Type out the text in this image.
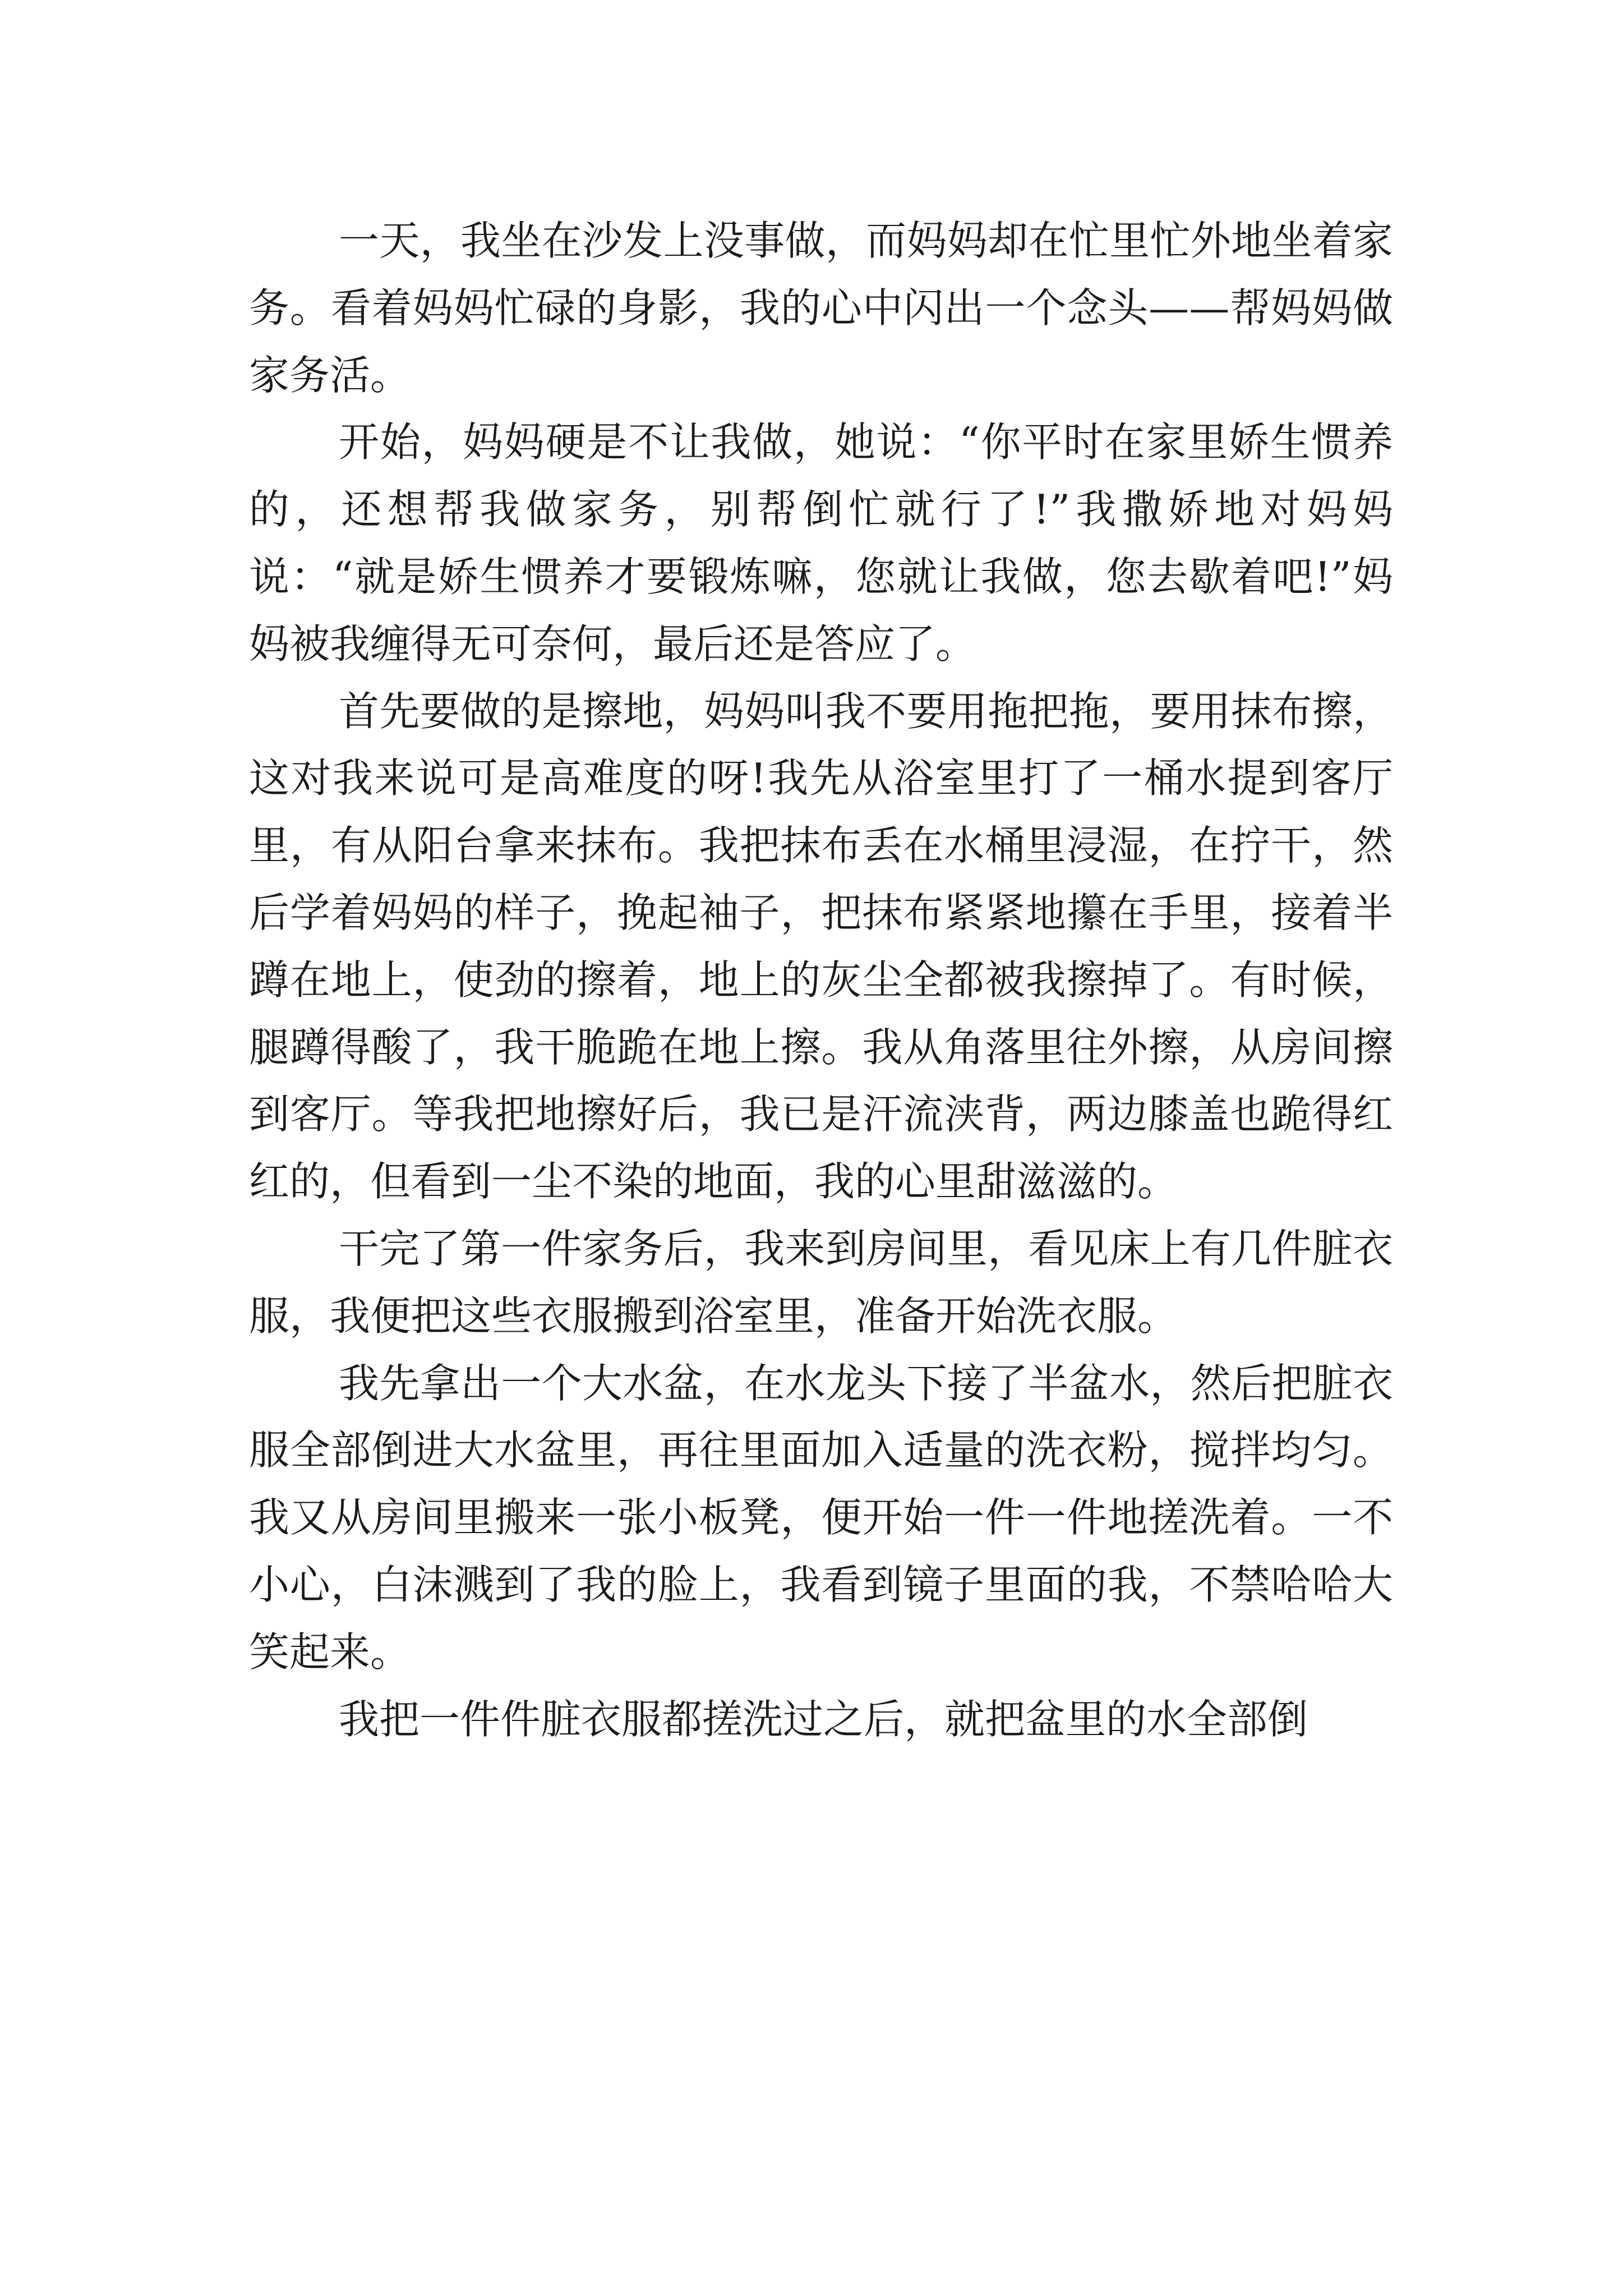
一天，我坐在沙发上没事做，而妈妈却在忙里忙外地坐着家务。看着妈妈忙碌的身影，我的心中闪出一个念头——帮妈妈做家务活。

开始，妈妈硬是不让我做，她说：“你平时在家里娇生惯养的，还想帮我做家务，别帮倒忙就行了!”我撒娇地对妈妈说：“就是娇生惯养才要锻炼嘛，您就让我做，您去歇着吧!”妈妈被我缠得无可奈何，最后还是答应了。

首先要做的是擦地，妈妈叫我不要用拖把拖，要用抹布擦，这对我来说可是高难度的呀!我先从浴室里打了一桶水提到客厅里，有从阳台拿来抹布。我把抹布丢在水桶里浸湿，在拧干，然后学着妈妈的样子，挽起袖子，把抹布紧紧地攥在手里，接着半蹲在地上，使劲的擦着，地上的灰尘全都被我擦掉了。有时候，腿蹲得酸了，我干脆跪在地上擦。我从角落里往外擦，从房间擦到客厅。等我把地擦好后，我已是汗流浃背，两边膝盖也跪得红红的，但看到一尘不染的地面，我的心里甜滋滋的。

干完了第一件家务后，我来到房间里，看见床上有几件脏衣服，我便把这些衣服搬到浴室里，准备开始洗衣服。

我先拿出一个大水盆，在水龙头下接了半盆水，然后把脏衣服全部倒进大水盆里，再往里面加入适量的洗衣粉，搅拌均匀。我又从房间里搬来一张小板凳，便开始一件一件地搓洗着。一不小心，白沫溅到了我的脸上，我看到镜子里面的我，不禁哈哈大笑起来。

我把一件件脏衣服都搓洗过之后，就把盆里的水全部倒
